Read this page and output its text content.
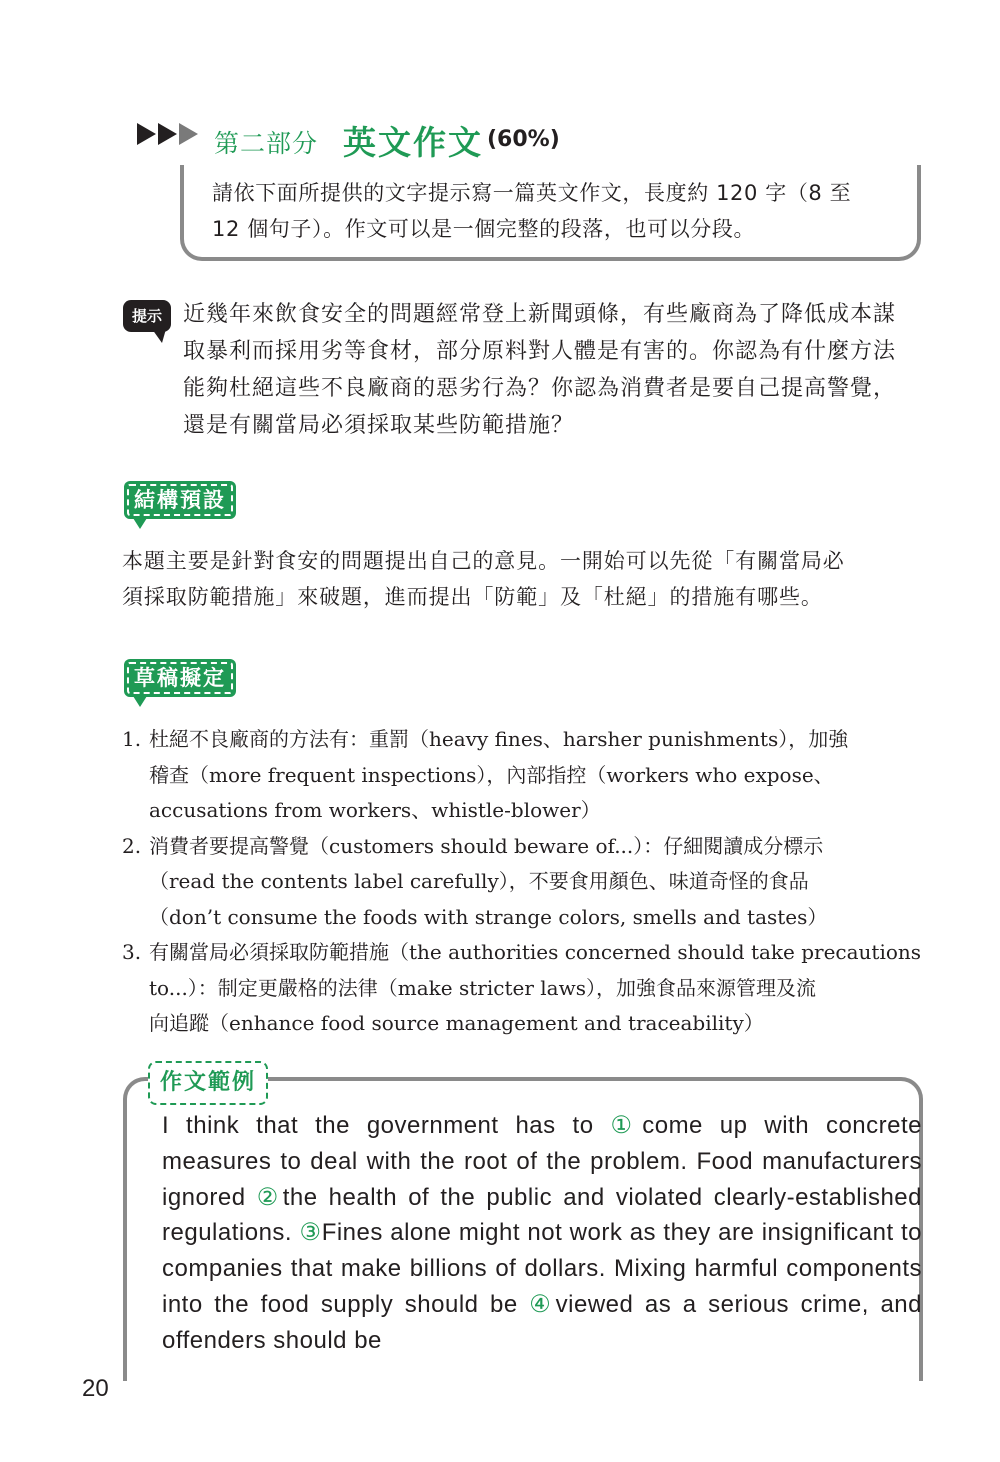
第二部分 英文作文 (60%)
請依下面所提供的文字提示寫一篇英文作文，長度約 120 字（8 至
12 個句子）。作文可以是一個完整的段落，也可以分段。
提示 近幾年來飲食安全的問題經常登上新聞頭條，有些廠商為了降低成本謀
取暴利而採用劣等食材，部分原料對人體是有害的。你認為有什麼方法
能夠杜絕這些不良廠商的惡劣行為？你認為消費者是要自己提高警覺，
還是有關當局必須採取某些防範措施？
結構預設
本題主要是針對食安的問題提出自己的意見。一開始可以先從「有關當局必
須採取防範措施」來破題，進而提出「防範」及「杜絕」的措施有哪些。
草稿擬定
1. 杜絕不良廠商的方法有：重罰（heavy fines、harsher punishments），加強
稽查（more frequent inspections），內部指控（workers who expose、
accusations from workers、whistle-blower）
2. 消費者要提高警覺（customers should beware of...）：仔細閱讀成分標示
（read the contents label carefully），不要食用顏色、味道奇怪的食品
（don’t consume the foods with strange colors, smells and tastes）
3. 有關當局必須採取防範措施（the authorities concerned should take precautions
to...）：制定更嚴格的法律（make stricter laws），加強食品來源管理及流
向追蹤（enhance food source management and traceability）
作文範例
I think that the government has to ①come up with concrete measures to deal with the root of the problem. Food manufacturers ignored ②the health of the public and violated clearly-established regulations. ③Fines alone might not work as they are insignificant to companies that make billions of dollars. Mixing harmful components into the food supply should be ④viewed as a serious crime, and offenders should be
20
